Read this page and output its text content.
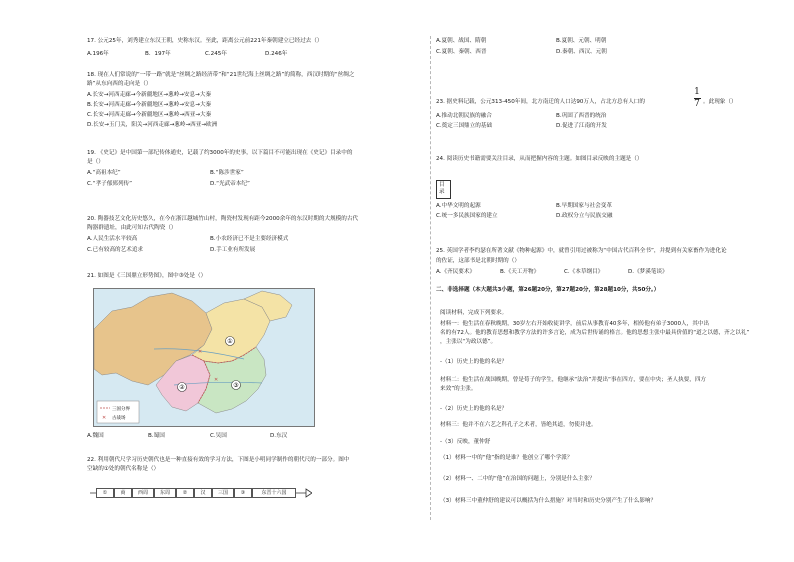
17. 公元25年，刘秀建立东汉王朝，史称东汉。至此，距离公元前221年秦朝建立已经过去（）
A.196年	B．197年	C.245年	D.246年
18. 现在人们常说的“一带一路”就是“丝绸之路经济带”和“21世纪海上丝绸之路”的简称，西汉时期的“丝绸之
路”从东向西的走向是（）
A.长安→河西走廊→今新疆地区→葱岭→安息→大秦
B.长安→河西走廊→今新疆地区→葱岭→安息→大秦
C.长安→河西走廊→今新疆地区→葱岭→西亚→大秦
D.长安→玉门关，阳关→河西走廊→葱岭→西亚→欧洲
19. 《史记》是中国第一部纪传体通史，记载了约3000年的史事，以下篇目不可能出现在《史记》目录中的
是（）
A.“高祖本纪”	B.“陈涉世家”
C.“孝子郁郅列传”	D.“光武帝本纪”
20. 陶器技艺文化历史悠久，在今在浙江越城竹山村，陶瓷村发现有距今2000余年的东汉时期的大规模的古代
陶器群遗址，由此可知古代陶瓷（）
A.人民生活水平较高	B.小农经济已不是主要经济模式
C.已有较高的艺术追求	D.手工业有所发展
21. 如图是《三国鼎立形势图》，图中③处是（）
①
②	③
✕
✕
三国分界
✕ 古战场
A.魏国	B.蜀国	C.吴国	D.东汉
22. 利用朝代尺学习历史朝代也是一种直接有效的学习方法，下图是小明同学制作的朝代尺的一部分。图中
空缺的①处的朝代名称是（）
①	商	西周	东周	②	汉	三国	③	东晋十六国
A.夏朝、战国、隋朝	B.夏朝、元朝、明朝
C.夏朝、秦朝、西晋	D.秦朝、西汉、元朝
23. 据史料记载，公元313-450年间，北方南迁的人口达90万人，占北方总有人口的
1
7 。此现象（）
A.推动北朝民族的融合	B.巩固了西晋的统治
C.奠定三国鼎立的基础	D.促进了江南的开发
24. 阅读历史书籍需要关注目录，从而把握内容的主题。如图目录反映的主题是（）
目
录
A.中华文明的起源	B.早期国家与社会变革
C.统一多民族国家的建立	D.政权分立与民族交融
25. 英国学者李约瑟在所著文献《物种起源》中，就曾引用过被称为“中国古代百科全书”，并提到有关家畜作为进化论
的佐证，这部书是北朝时期的（）
A.《齐民要术》	B.《天工开物》	C.《本草纲目》	D.《梦溪笔谈》
二、非选择题（本大题共3小题，第26题20分，第27题20分，第28题10分，共50分。）
阅读材料，完成下列要求。
材料一：他生活在春秋晚期，30岁左右开始收徒讲学，前后从事教育40多年，相传他有弟子3000人，其中出
名的有72人。他的教育思想和教学方法的许多言论，成为后世传诵的格言。他的思想主张中最具价值的“道之以德，齐之以礼”
，主张以“为政以德”。
-（1）历史上的他的名是？
材料二：他生活在战国晚期，曾是荀子的学生，他继承“法治”并提出“事在四方，要在中央；圣人执要，四方
来效”的主张。
-（2）历史上的他的名是？
材料三：他并不在六艺之科孔子之术者，皆绝其道，勿使并进。
-（3）反映，董仲舒
（1）材料一中的“他”指的是谁？他创立了哪个学派？
（2）材料一、二中的“他”在治国的问题上，分别是什么主张？
（3）材料三中董仲舒的建议可以概括为什么措施？对当时和历史分别产生了什么影响？
